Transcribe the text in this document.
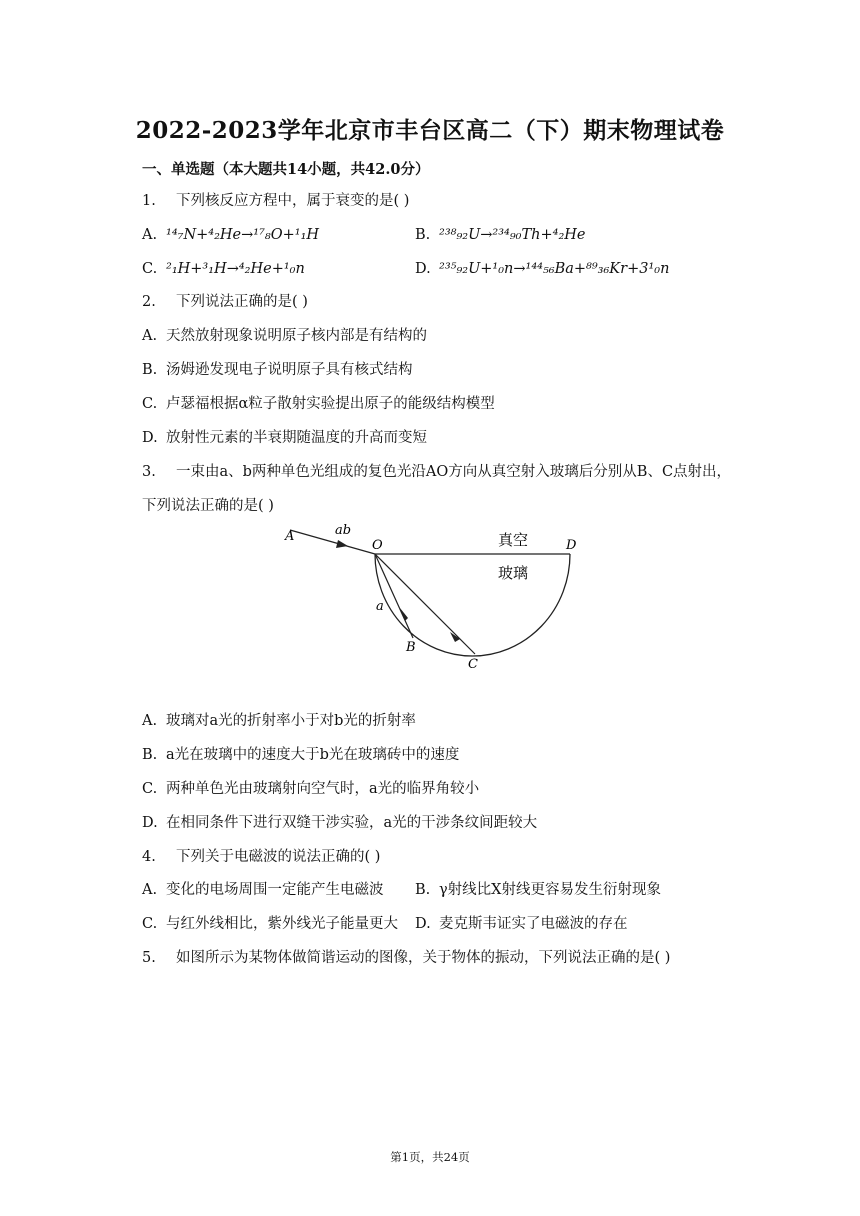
2022-2023学年北京市丰台区高二（下）期末物理试卷
一、单选题（本大题共14小题，共42.0分）
1. 下列核反应方程中，属于衰变的是( )
A. ¹⁴₇N+⁴₂He→¹⁷₈O+¹₁H	B. ²³⁸₉₂U→²³⁴₉₀Th+⁴₂He
C. ²₁H+³₁H→⁴₂He+¹₀n	D. ²³⁵₉₂U+¹₀n→¹⁴⁴₅₆Ba+⁸⁹₃₆Kr+3¹₀n
2. 下列说法正确的是( )
A. 天然放射现象说明原子核内部是有结构的
B. 汤姆逊发现电子说明原子具有核式结构
C. 卢瑟福根据α粒子散射实验提出原子的能级结构模型
D. 放射性元素的半衰期随温度的升高而变短
3. 一束由a、b两种单色光组成的复色光沿AO方向从真空射入玻璃后分别从B、C点射出，
下列说法正确的是( )
A	ab
O	D
a
B
C
真空
玻璃
A. 玻璃对a光的折射率小于对b光的折射率
B. a光在玻璃中的速度大于b光在玻璃砖中的速度
C. 两种单色光由玻璃射向空气时，a光的临界角较小
D. 在相同条件下进行双缝干涉实验，a光的干涉条纹间距较大
4. 下列关于电磁波的说法正确的( )
A. 变化的电场周围一定能产生电磁波 B. γ射线比X射线更容易发生衍射现象
C. 与红外线相比，紫外线光子能量更大 D. 麦克斯韦证实了电磁波的存在
5. 如图所示为某物体做简谐运动的图像，关于物体的振动，下列说法正确的是( )
第1页，共24页
